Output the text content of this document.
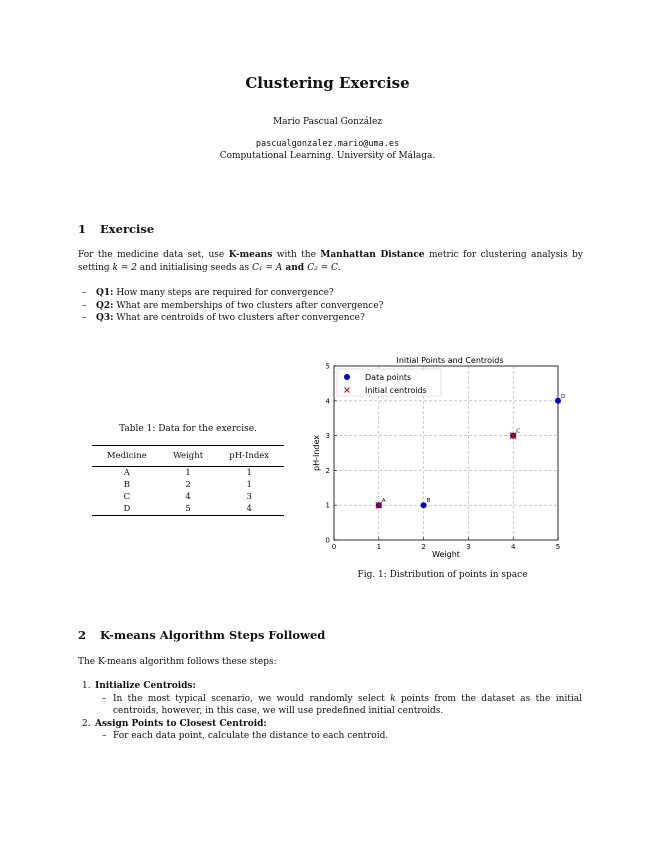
Clustering Exercise
Mario Pascual González
pascualgonzalez.mario@uma.es
Computational Learning. University of Málaga.
1 Exercise
For the medicine data set, use K-means with the Manhattan Distance metric for clustering analysis by setting k = 2 and initialising seeds as C₁ = A and C₂ = C.
– Q1: How many steps are required for convergence?
– Q2: What are memberships of two clusters after convergence?
– Q3: What are centroids of two clusters after convergence?
Table 1: Data for the exercise.
Medicine	Weight	pH-Index
A	1	1
B	2	1
C	4	3
D	5	4
Initial Points and Centroids
0	1	2	3	4	5
0
1
2
3
4
5
A	B
C
D
Weight
pH-Index
Data points
Initial centroids
Fig. 1: Distribution of points in space
2 K-means Algorithm Steps Followed
The K-means algorithm follows these steps:
1. Initialize Centroids:
– In the most typical scenario, we would randomly select k points from the dataset as the initial centroids, however, in this case, we will use predefined initial centroids.
2. Assign Points to Closest Centroid:
– For each data point, calculate the distance to each centroid.
